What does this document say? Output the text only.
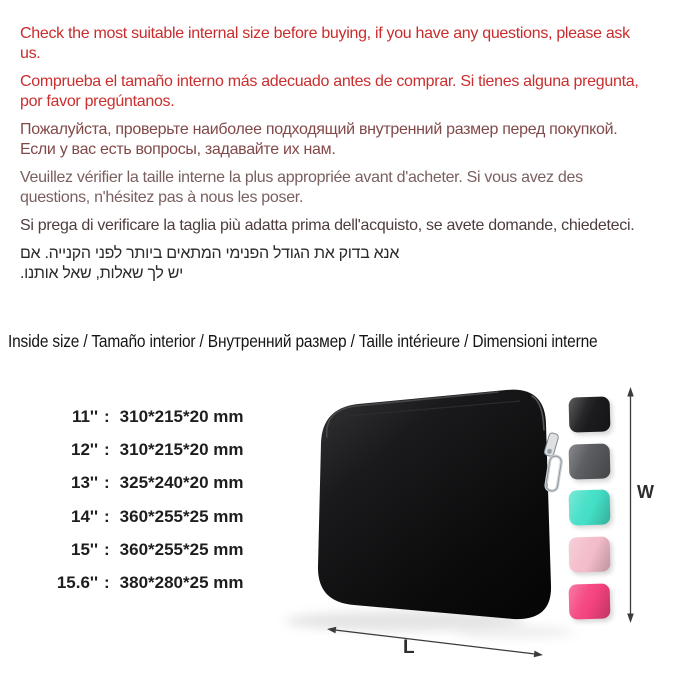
Check the most suitable internal size before buying, if you have any questions, please ask us.

Comprueba el tamaño interno más adecuado antes de comprar. Si tienes alguna pregunta, por favor pregúntanos.

Пожалуйста, проверьте наиболее подходящий внутренний размер перед покупкой. Если у вас есть вопросы, задавайте их нам.

Veuillez vérifier la taille interne la plus appropriée avant d'acheter. Si vous avez des questions, n'hésitez pas à nous les poser.

Si prega di verificare la taglia più adatta prima dell'acquisto, se avete domande, chiedeteci.

םא .היינקה ינפל רתויב םיאתמה ימינפה לדוגה תא קודב אנא
.ונתוא לאש ,תולאש ךל שי

Inside size / Tamaño interior / Внутренний размер / Taille intérieure / Dimensioni interne
11'' : 310*215*20 mm
12'' : 310*215*20 mm
13'' : 325*240*20 mm
14'' : 360*255*25 mm
15'' : 360*255*25 mm
15.6'' : 380*280*25 mm
W
L
